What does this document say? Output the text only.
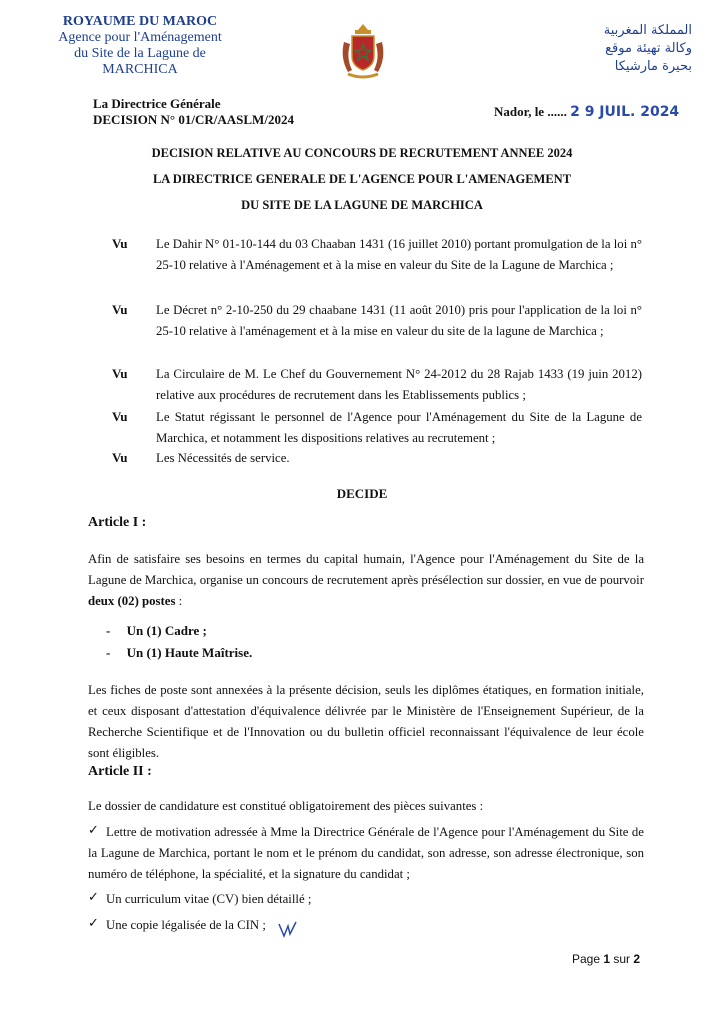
ROYAUME DU MAROC
Agence pour l'Aménagement
du Site de la Lagune de
MARCHICA
المملكة المغربية
وكالة تهيئة موقع
بحيرة مارشيكا
La Directrice Générale
DECISION N° 01/CR/AASLM/2024
Nador, le ...... 2 9 JUIL. 2024
DECISION RELATIVE AU CONCOURS DE RECRUTEMENT ANNEE 2024
LA DIRECTRICE GENERALE DE L'AGENCE POUR L'AMENAGEMENT
DU SITE DE LA LAGUNE DE MARCHICA
Vu Le Dahir N° 01-10-144 du 03 Chaaban 1431 (16 juillet 2010) portant promulgation de la loi n° 25-10 relative à l'Aménagement et à la mise en valeur du Site de la Lagune de Marchica ;
Vu Le Décret n° 2-10-250 du 29 chaabane 1431 (11 août 2010) pris pour l'application de la loi n° 25-10 relative à l'aménagement et à la mise en valeur du site de la lagune de Marchica ;
Vu La Circulaire de M. Le Chef du Gouvernement N° 24-2012 du 28 Rajab 1433 (19 juin 2012) relative aux procédures de recrutement dans les Etablissements publics ;
Vu Le Statut régissant le personnel de l'Agence pour l'Aménagement du Site de la Lagune de Marchica, et notamment les dispositions relatives au recrutement ;
Vu Les Nécessités de service.
DECIDE
Article I :
Afin de satisfaire ses besoins en termes du capital humain, l'Agence pour l'Aménagement du Site de la Lagune de Marchica, organise un concours de recrutement après présélection sur dossier, en vue de pourvoir deux (02) postes :
-     Un (1) Cadre ;
-     Un (1) Haute Maîtrise.
Les fiches de poste sont annexées à la présente décision, seuls les diplômes étatiques, en formation initiale, et ceux disposant d'attestation d'équivalence délivrée par le Ministère de l'Enseignement Supérieur, de la Recherche Scientifique et de l'Innovation ou du bulletin officiel reconnaissant l'équivalence de leur école sont éligibles.
Article II :
Le dossier de candidature est constitué obligatoirement des pièces suivantes :
✓ Lettre de motivation adressée à Mme la Directrice Générale de l'Agence pour l'Aménagement du Site de la Lagune de Marchica, portant le nom et le prénom du candidat, son adresse, son adresse électronique, son numéro de téléphone, la spécialité, et la signature du candidat ;
✓ Un curriculum vitae (CV) bien détaillé ;
✓ Une copie légalisée de la CIN ;
Page 1 sur 2
